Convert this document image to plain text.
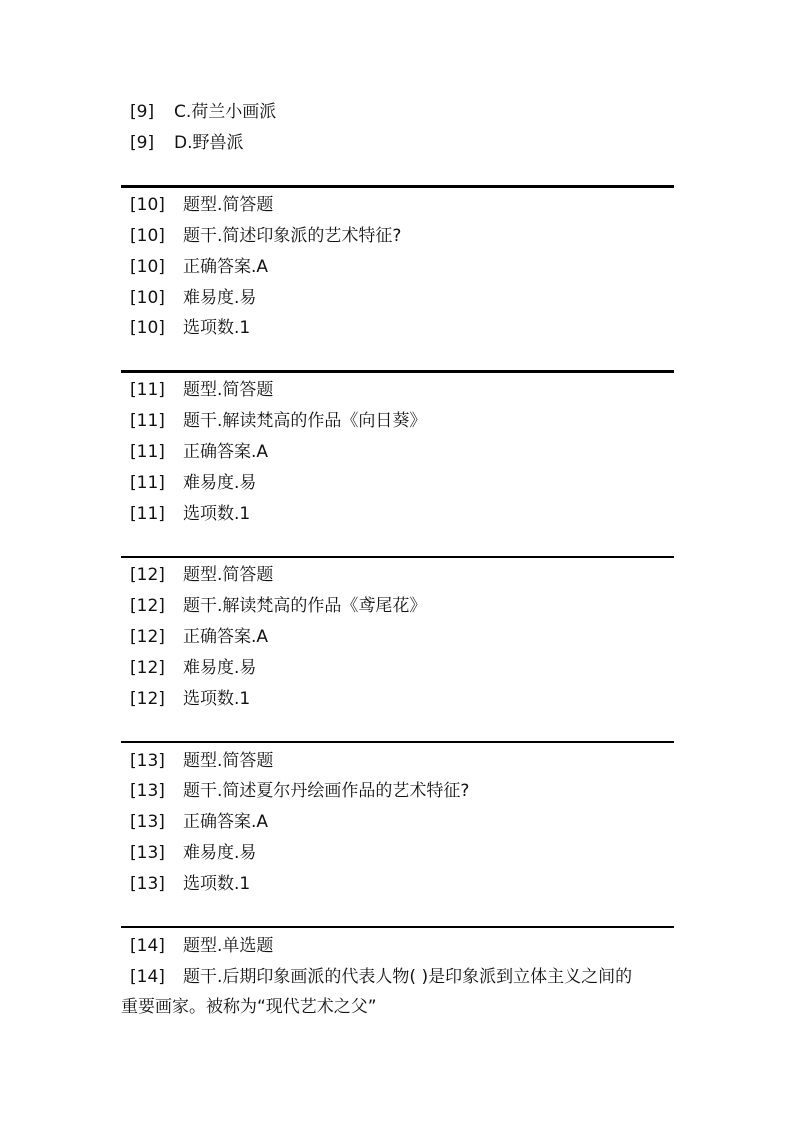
[9] C.荷兰小画派
[9] D.野兽派
[10] 题型.简答题
[10] 题干.简述印象派的艺术特征?
[10] 正确答案.A
[10] 难易度.易
[10] 选项数.1
[11] 题型.简答题
[11] 题干.解读梵高的作品《向日葵》
[11] 正确答案.A
[11] 难易度.易
[11] 选项数.1
[12] 题型.简答题
[12] 题干.解读梵高的作品《鸢尾花》
[12] 正确答案.A
[12] 难易度.易
[12] 选项数.1
[13] 题型.简答题
[13] 题干.简述夏尔丹绘画作品的艺术特征?
[13] 正确答案.A
[13] 难易度.易
[13] 选项数.1
[14] 题型.单选题
[14] 题干.后期印象画派的代表人物( )是印象派到立体主义之间的
重要画家。被称为“现代艺术之父”
